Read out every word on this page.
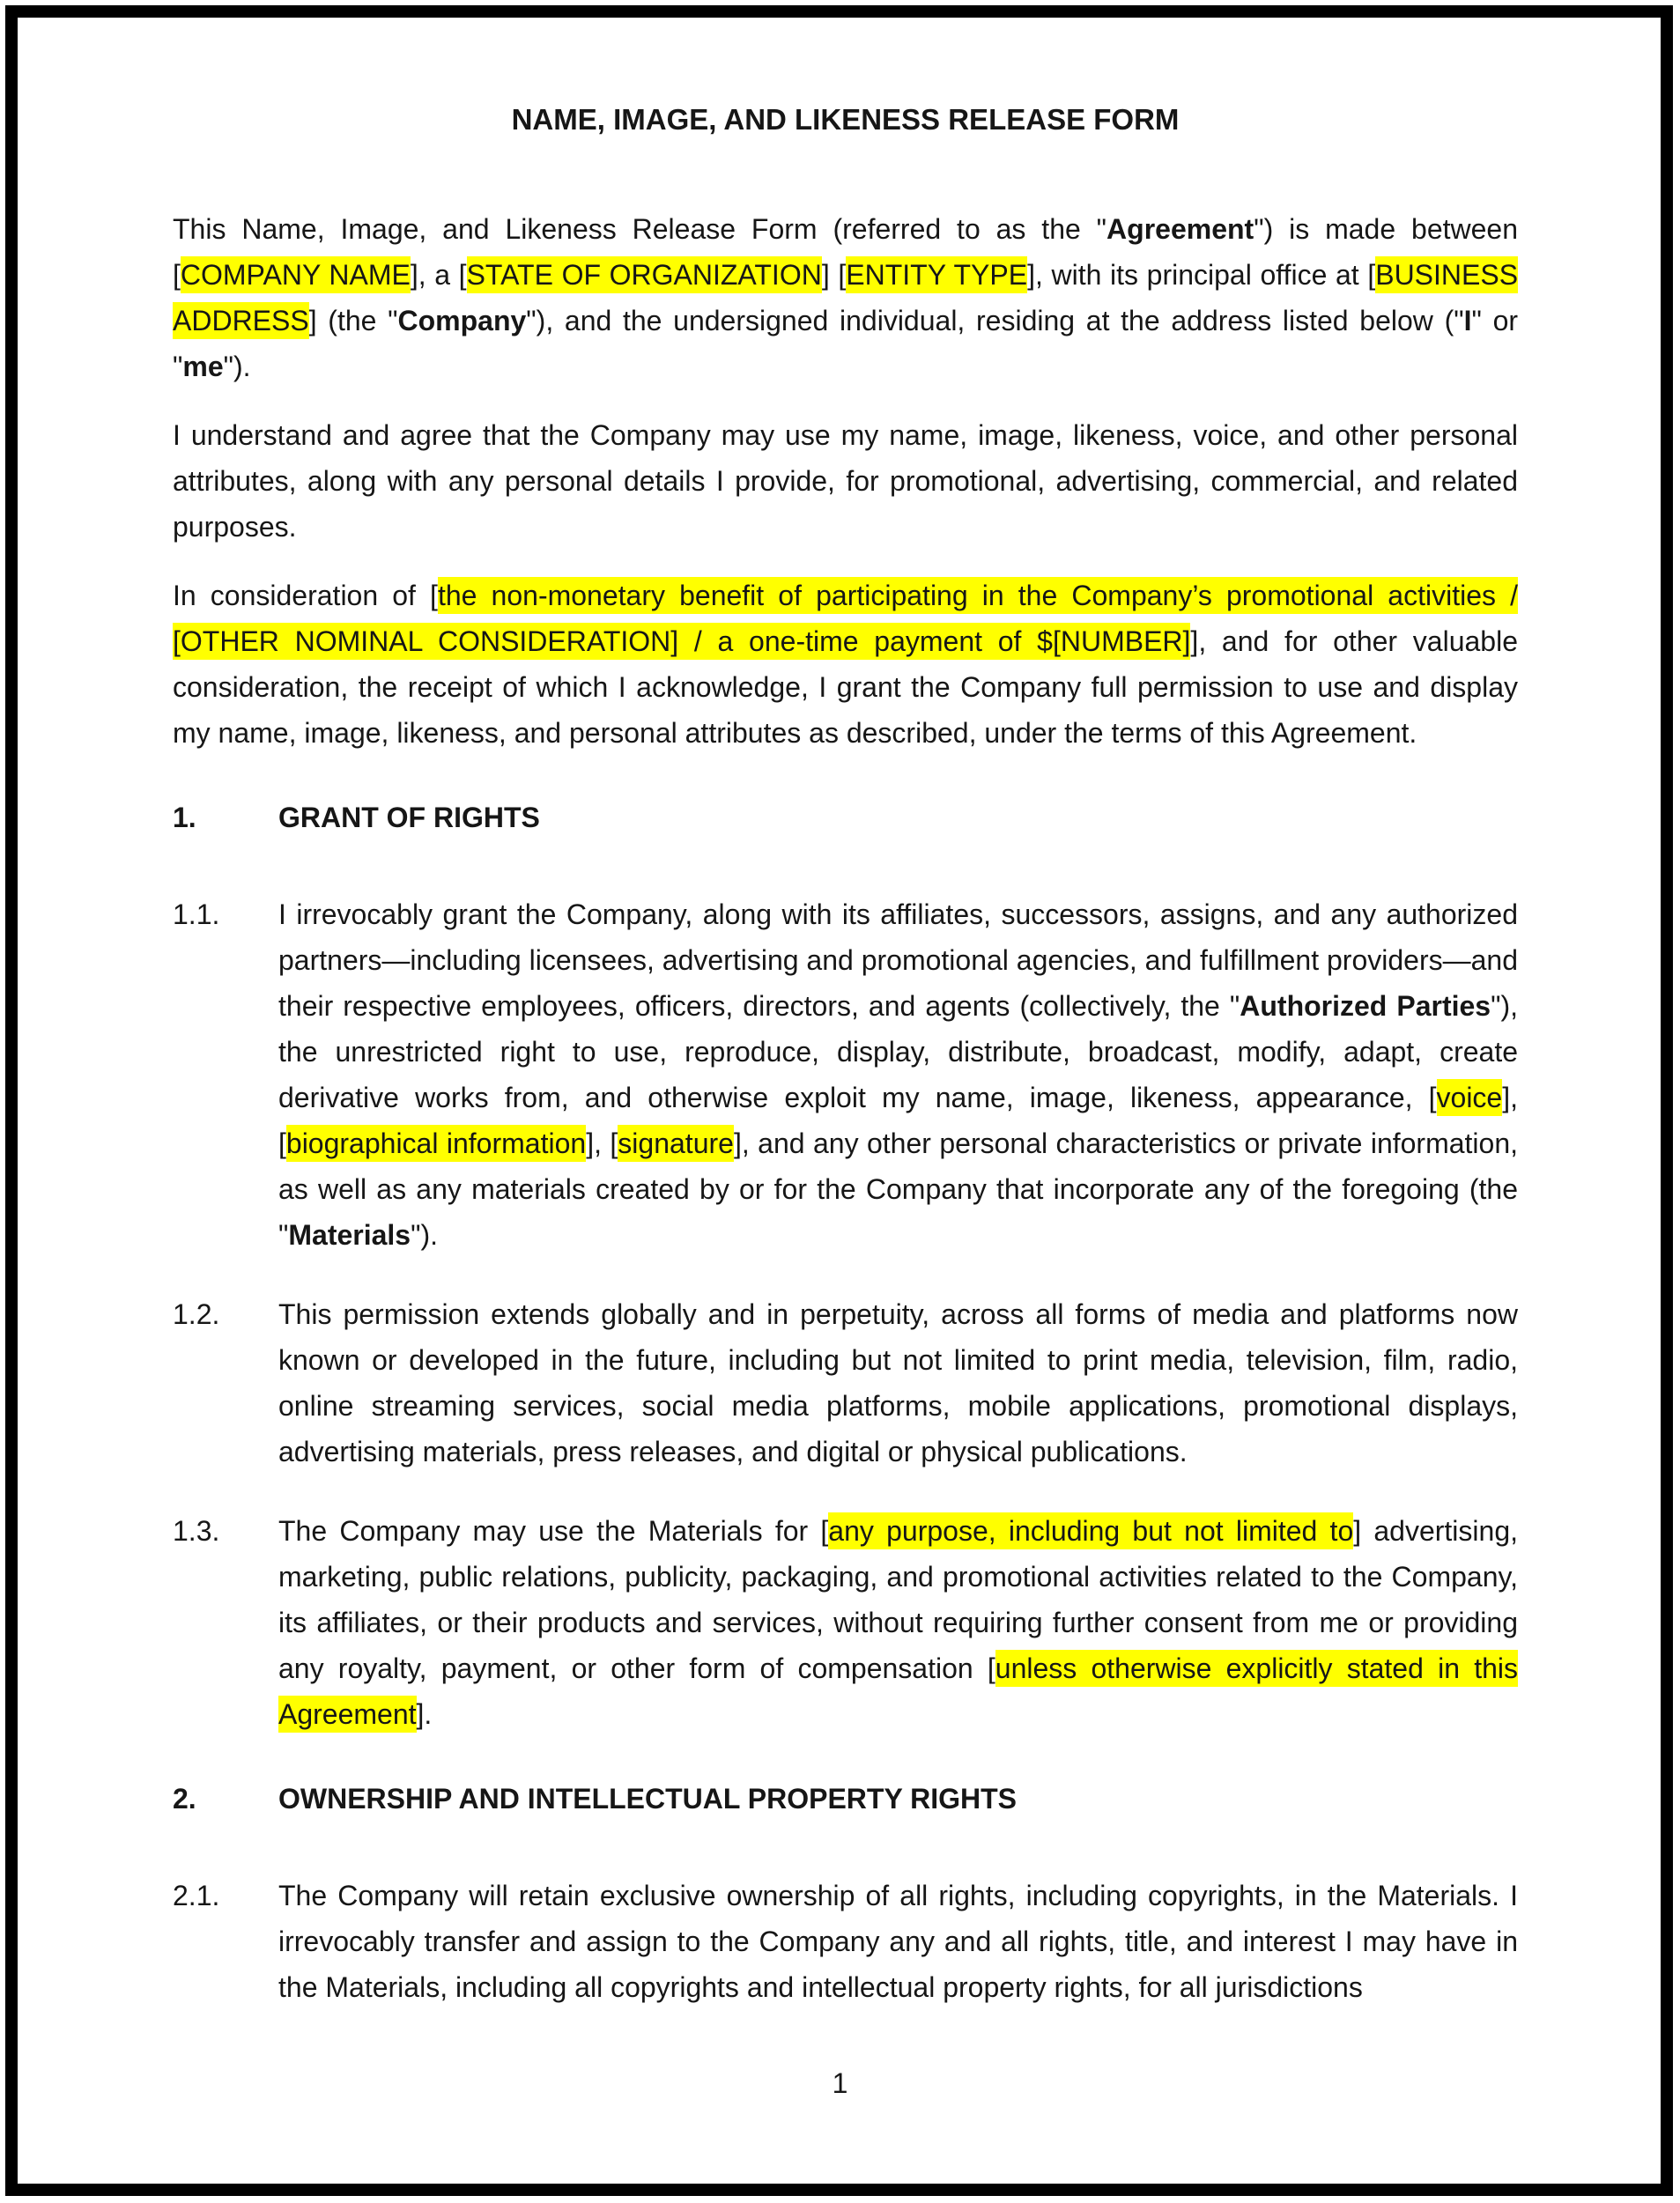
NAME, IMAGE, AND LIKENESS RELEASE FORM

This Name, Image, and Likeness Release Form (referred to as the "Agreement") is made between [COMPANY NAME], a [STATE OF ORGANIZATION] [ENTITY TYPE], with its principal office at [BUSINESS ADDRESS] (the "Company"), and the undersigned individual, residing at the address listed below ("I" or "me").

I understand and agree that the Company may use my name, image, likeness, voice, and other personal attributes, along with any personal details I provide, for promotional, advertising, commercial, and related purposes.

In consideration of [the non-monetary benefit of participating in the Company’s promotional activities / [OTHER NOMINAL CONSIDERATION] / a one-time payment of $[NUMBER]], and for other valuable consideration, the receipt of which I acknowledge, I grant the Company full permission to use and display my name, image, likeness, and personal attributes as described, under the terms of this Agreement.

1.	GRANT OF RIGHTS
1.1.	I irrevocably grant the Company, along with its affiliates, successors, assigns, and any authorized partners—including licensees, advertising and promotional agencies, and fulfillment providers—and their respective employees, officers, directors, and agents (collectively, the "Authorized Parties"), the unrestricted right to use, reproduce, display, distribute, broadcast, modify, adapt, create derivative works from, and otherwise exploit my name, image, likeness, appearance, [voice], [biographical information], [signature], and any other personal characteristics or private information, as well as any materials created by or for the Company that incorporate any of the foregoing (the "Materials").
1.2.	This permission extends globally and in perpetuity, across all forms of media and platforms now known or developed in the future, including but not limited to print media, television, film, radio, online streaming services, social media platforms, mobile applications, promotional displays, advertising materials, press releases, and digital or physical publications.
1.3.	The Company may use the Materials for [any purpose, including but not limited to] advertising, marketing, public relations, publicity, packaging, and promotional activities related to the Company, its affiliates, or their products and services, without requiring further consent from me or providing any royalty, payment, or other form of compensation [unless otherwise explicitly stated in this Agreement].
2.	OWNERSHIP AND INTELLECTUAL PROPERTY RIGHTS
2.1.	The Company will retain exclusive ownership of all rights, including copyrights, in the Materials. I irrevocably transfer and assign to the Company any and all rights, title, and interest I may have in the Materials, including all copyrights and intellectual property rights, for all jurisdictions
1
